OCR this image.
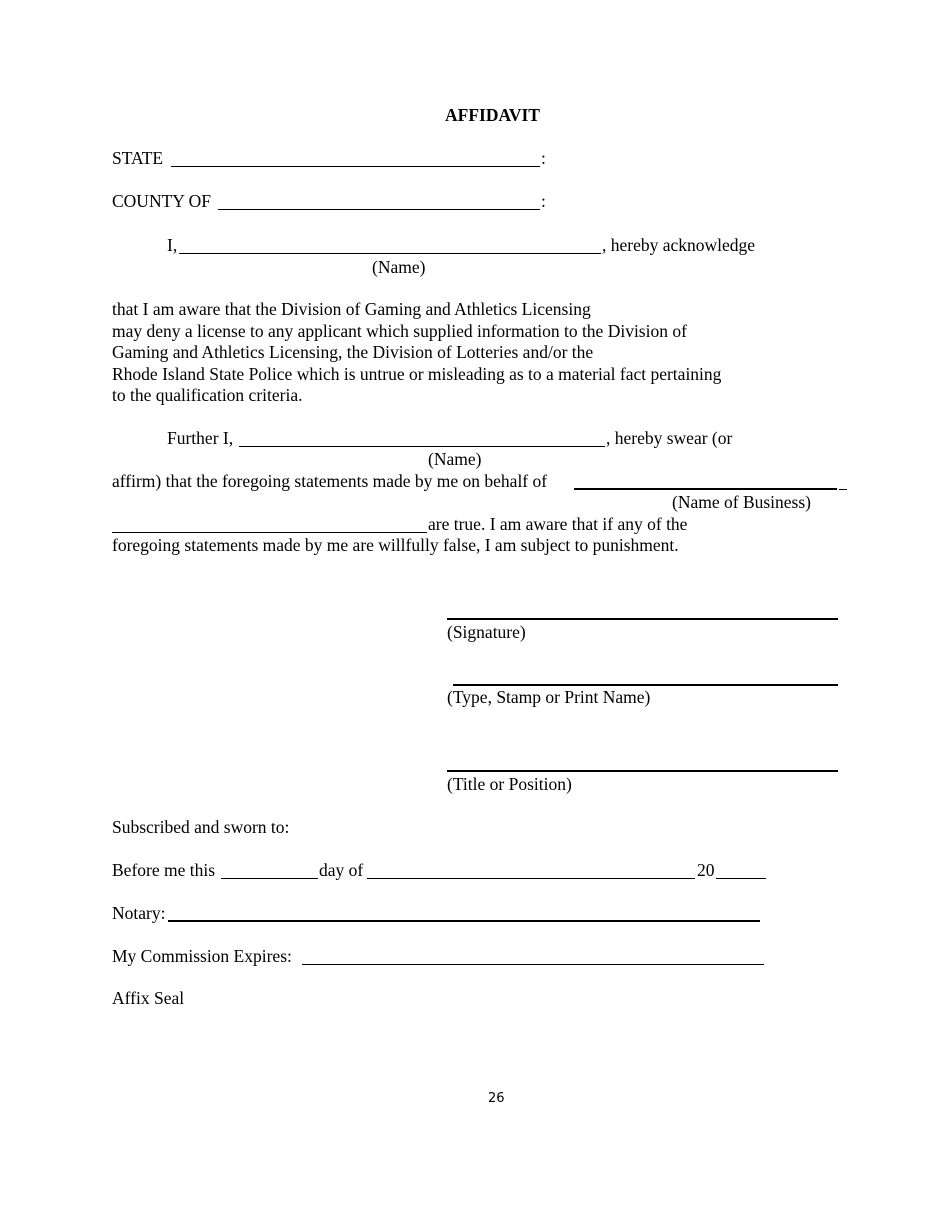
AFFIDAVIT
STATE	:
COUNTY OF	:
I,	, hereby acknowledge
(Name)
that I am aware that the Division of Gaming and Athletics Licensing
may deny a license to any applicant which supplied information to the Division of
Gaming and Athletics Licensing, the Division of Lotteries and/or the
Rhode Island State Police which is untrue or misleading as to a material fact pertaining
to the qualification criteria.
Further I,	, hereby swear (or
(Name)
affirm) that the foregoing statements made by me on behalf of
(Name of Business)
are true. I am aware that if any of the
foregoing statements made by me are willfully false, I am subject to punishment.
(Signature)
(Type, Stamp or Print Name)
(Title or Position)
Subscribed and sworn to:
Before me this	day of	20
Notary:
My Commission Expires:
Affix Seal
26
